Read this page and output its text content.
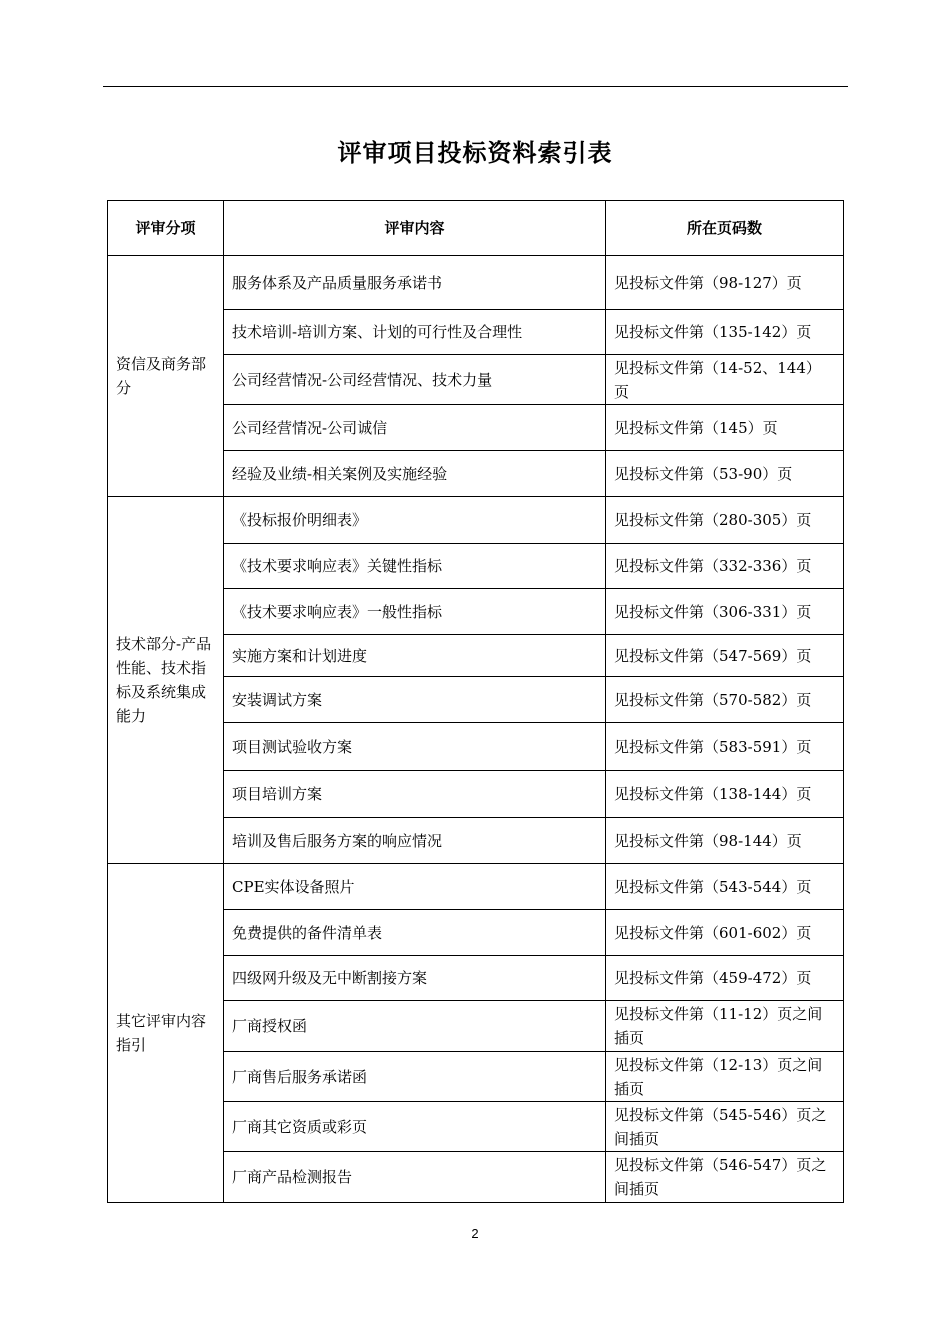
评审项目投标资料索引表
评审分项	评审内容	所在页码数
资信及商务部分	服务体系及产品质量服务承诺书	见投标文件第（98-127）页
	技术培训-培训方案、计划的可行性及合理性	见投标文件第（135-142）页
	公司经营情况-公司经营情况、技术力量	见投标文件第（14-52、144）页
	公司经营情况-公司诚信	见投标文件第（145）页
	经验及业绩-相关案例及实施经验	见投标文件第（53-90）页
技术部分-产品性能、技术指标及系统集成能力	《投标报价明细表》	见投标文件第（280-305）页
	《技术要求响应表》关键性指标	见投标文件第（332-336）页
	《技术要求响应表》一般性指标	见投标文件第（306-331）页
	实施方案和计划进度	见投标文件第（547-569）页
	安装调试方案	见投标文件第（570-582）页
	项目测试验收方案	见投标文件第（583-591）页
	项目培训方案	见投标文件第（138-144）页
	培训及售后服务方案的响应情况	见投标文件第（98-144）页
其它评审内容指引	CPE实体设备照片	见投标文件第（543-544）页
	免费提供的备件清单表	见投标文件第（601-602）页
	四级网升级及无中断割接方案	见投标文件第（459-472）页
	厂商授权函	见投标文件第（11-12）页之间插页
	厂商售后服务承诺函	见投标文件第（12-13）页之间插页
	厂商其它资质或彩页	见投标文件第（545-546）页之间插页
	厂商产品检测报告	见投标文件第（546-547）页之间插页
2
